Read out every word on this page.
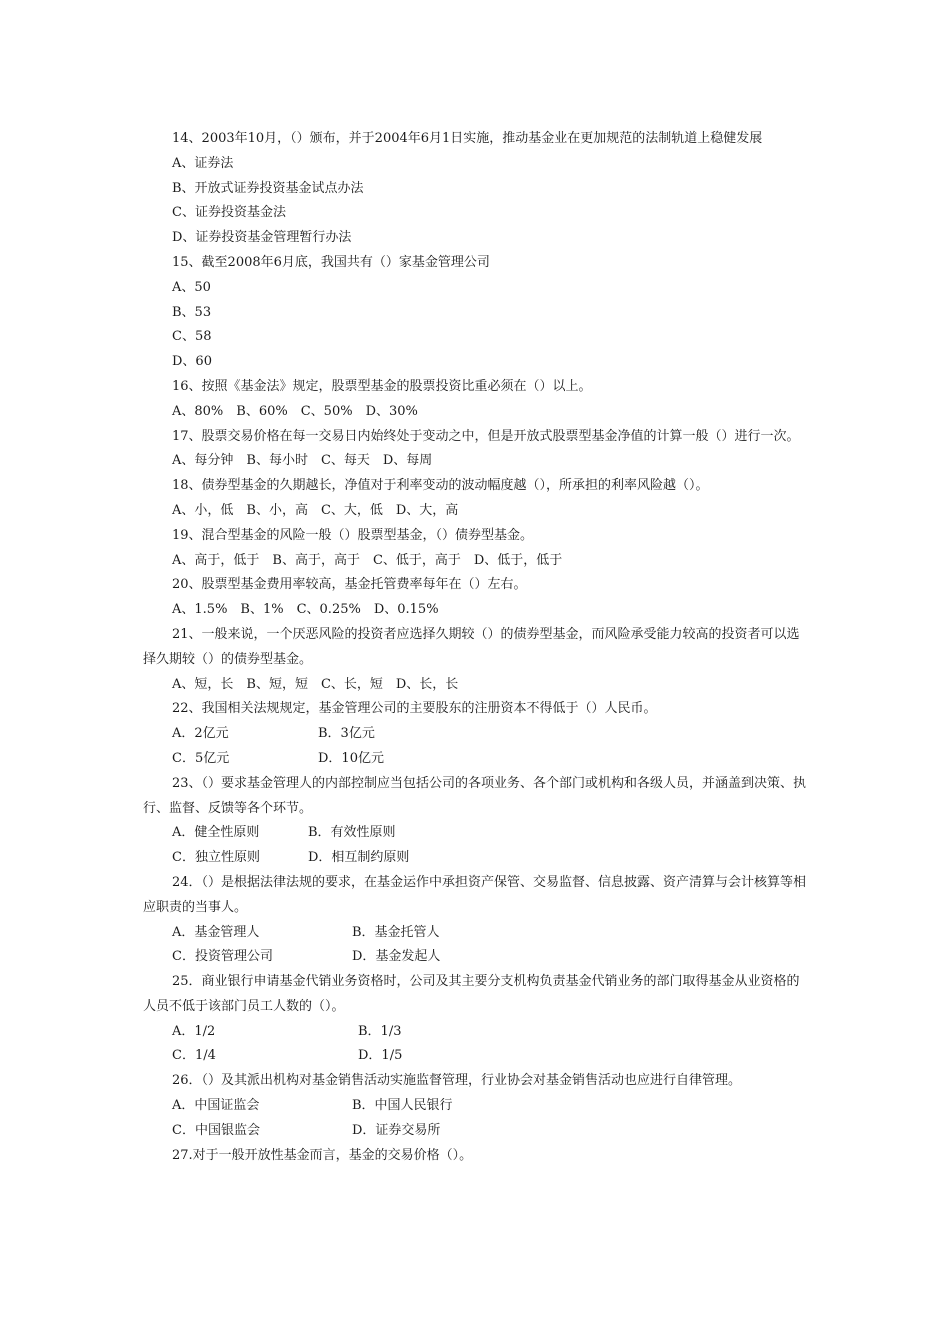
14、2003年10月，（）颁布，并于2004年6月1日实施，推动基金业在更加规范的法制轨道上稳健发展

A、证券法

B、开放式证券投资基金试点办法

C、证券投资基金法

D、证券投资基金管理暂行办法

15、截至2008年6月底，我国共有（）家基金管理公司

A、50

B、53

C、58

D、60

16、按照《基金法》规定，股票型基金的股票投资比重必须在（）以上。

A、80%　B、60%　C、50%　D、30%

17、股票交易价格在每一交易日内始终处于变动之中，但是开放式股票型基金净值的计算一般（）进行一次。

A、每分钟　B、每小时　C、每天　D、每周

18、债券型基金的久期越长，净值对于利率变动的波动幅度越（），所承担的利率风险越（）。

A、小，低　B、小，高　C、大，低　D、大，高

19、混合型基金的风险一般（）股票型基金，（）债券型基金。

A、高于，低于　B、高于，高于　C、低于，高于　D、低于，低于

20、股票型基金费用率较高，基金托管费率每年在（）左右。

A、1.5%　B、1%　C、0.25%　D、0.15%

21、一般来说，一个厌恶风险的投资者应选择久期较（）的债券型基金，而风险承受能力较高的投资者可以选择久期较（）的债券型基金。

A、短，长　B、短，短　C、长，短　D、长，长

22、我国相关法规规定，基金管理公司的主要股东的注册资本不得低于（）人民币。

A．2亿元	B．3亿元
C．5亿元	D．10亿元

23、（）要求基金管理人的内部控制应当包括公司的各项业务、各个部门或机构和各级人员，并涵盖到决策、执行、监督、反馈等各个环节。

A．健全性原则	B．有效性原则
C．独立性原则	D．相互制约原则

24．（）是根据法律法规的要求，在基金运作中承担资产保管、交易监督、信息披露、资产清算与会计核算等相应职责的当事人。

A．基金管理人	B．基金托管人
C．投资管理公司	D．基金发起人

25．商业银行申请基金代销业务资格时，公司及其主要分支机构负责基金代销业务的部门取得基金从业资格的人员不低于该部门员工人数的（）。

A．1/2	B．1/3
C．1/4	D．1/5

26．（）及其派出机构对基金销售活动实施监督管理，行业协会对基金销售活动也应进行自律管理。

A．中国证监会	B．中国人民银行
C．中国银监会	D．证券交易所

27.对于一般开放性基金而言，基金的交易价格（）。
